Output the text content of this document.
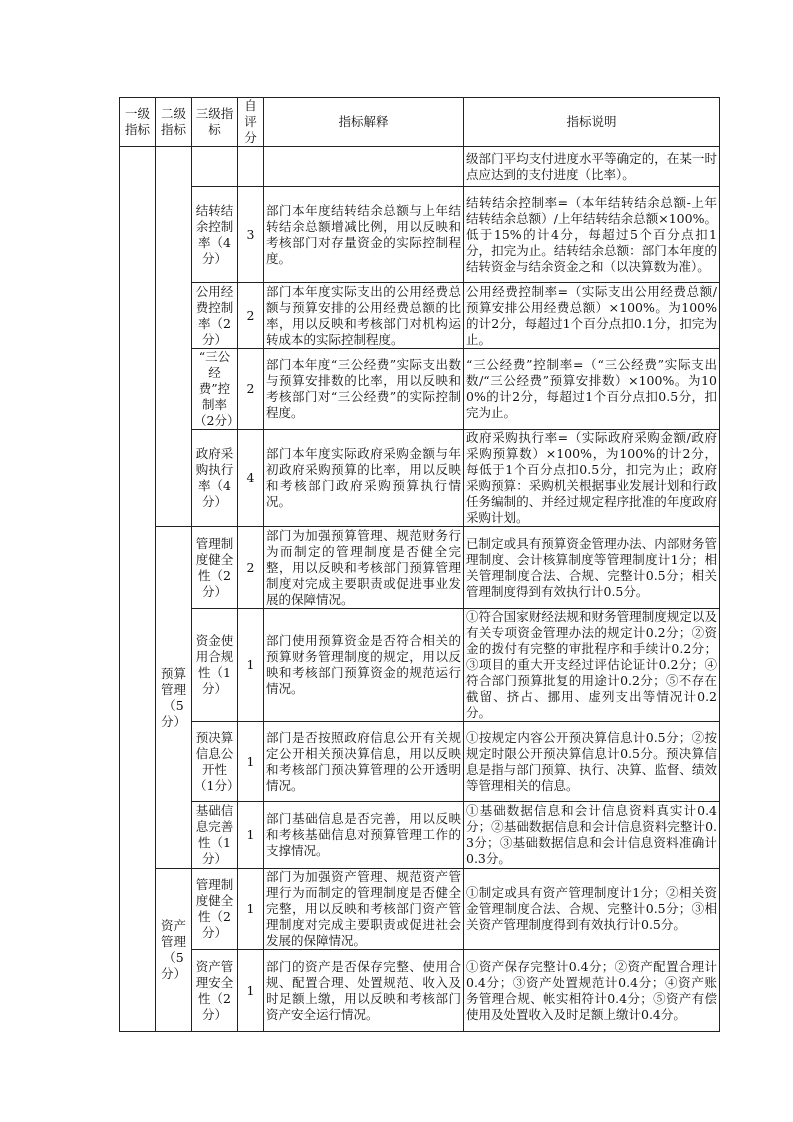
一级指标	二级指标	三级指标	自评分	指标解释	指标说明
					级部门平均支付进度水平等确定的，在某一时点应达到的支付进度（比率）。
		结转结余控制率（4分）	3	部门本年度结转结余总额与上年结转结余总额增减比例，用以反映和考核部门对存量资金的实际控制程度。	结转结余控制率=（本年结转结余总额-上年结转结余总额）/上年结转结余总额×100%。低于15%的计4分，每超过5个百分点扣1分，扣完为止。结转结余总额：部门本年度的结转资金与结余资金之和（以决算数为准）。
		公用经费控制率（2分）	2	部门本年度实际支出的公用经费总额与预算安排的公用经费总额的比率，用以反映和考核部门对机构运转成本的实际控制程度。	公用经费控制率=（实际支出公用经费总额/预算安排公用经费总额）×100%。为100%的计2分，每超过1个百分点扣0.1分，扣完为止。
		“三公经费”控制率（2分）	2	部门本年度“三公经费”实际支出数与预算安排数的比率，用以反映和考核部门对“三公经费”的实际控制程度。	“三公经费”控制率=（“三公经费”实际支出数/“三公经费”预算安排数）×100%。为100%的计2分，每超过1个百分点扣0.5分，扣完为止。
		政府采购执行率（4分）	4	部门本年度实际政府采购金额与年初政府采购预算的比率，用以反映和考核部门政府采购预算执行情况。	政府采购执行率=（实际政府采购金额/政府采购预算数）×100%，为100%的计2分，每低于1个百分点扣0.5分，扣完为止；政府采购预算：采购机关根据事业发展计划和行政任务编制的、并经过规定程序批准的年度政府采购计划。
	预算管理（5分）	管理制度健全性（2分）	2	部门为加强预算管理、规范财务行为而制定的管理制度是否健全完整，用以反映和考核部门预算管理制度对完成主要职责或促进事业发展的保障情况。	已制定或具有预算资金管理办法、内部财务管理制度、会计核算制度等管理制度计1分；相关管理制度合法、合规、完整计0.5分；相关管理制度得到有效执行计0.5分。
		资金使用合规性（1分）	1	部门使用预算资金是否符合相关的预算财务管理制度的规定，用以反映和考核部门预算资金的规范运行情况。	①符合国家财经法规和财务管理制度规定以及有关专项资金管理办法的规定计0.2分；②资金的拨付有完整的审批程序和手续计0.2分；③项目的重大开支经过评估论证计0.2分；④符合部门预算批复的用途计0.2分；⑤不存在截留、挤占、挪用、虚列支出等情况计0.2分。
		预决算信息公开性（1分）	1	部门是否按照政府信息公开有关规定公开相关预决算信息，用以反映和考核部门预决算管理的公开透明情况。	①按规定内容公开预决算信息计0.5分；②按规定时限公开预决算信息计0.5分。预决算信息是指与部门预算、执行、决算、监督、绩效等管理相关的信息。
		基础信息完善性（1分）	1	部门基础信息是否完善，用以反映和考核基础信息对预算管理工作的支撑情况。	①基础数据信息和会计信息资料真实计0.4分；②基础数据信息和会计信息资料完整计0.3分；③基础数据信息和会计信息资料准确计0.3分。
	资产管理（5分）	管理制度健全性（2分）	1	部门为加强资产管理、规范资产管理行为而制定的管理制度是否健全完整，用以反映和考核部门资产管理制度对完成主要职责或促进社会发展的保障情况。	①制定或具有资产管理制度计1分；②相关资金管理制度合法、合规、完整计0.5分；③相关资产管理制度得到有效执行计0.5分。
		资产管理安全性（2分）	1	部门的资产是否保存完整、使用合规、配置合理、处置规范、收入及时足额上缴，用以反映和考核部门资产安全运行情况。	①资产保存完整计0.4分；②资产配置合理计0.4分；③资产处置规范计0.4分；④资产账务管理合规、帐实相符计0.4分；⑤资产有偿使用及处置收入及时足额上缴计0.4分。
